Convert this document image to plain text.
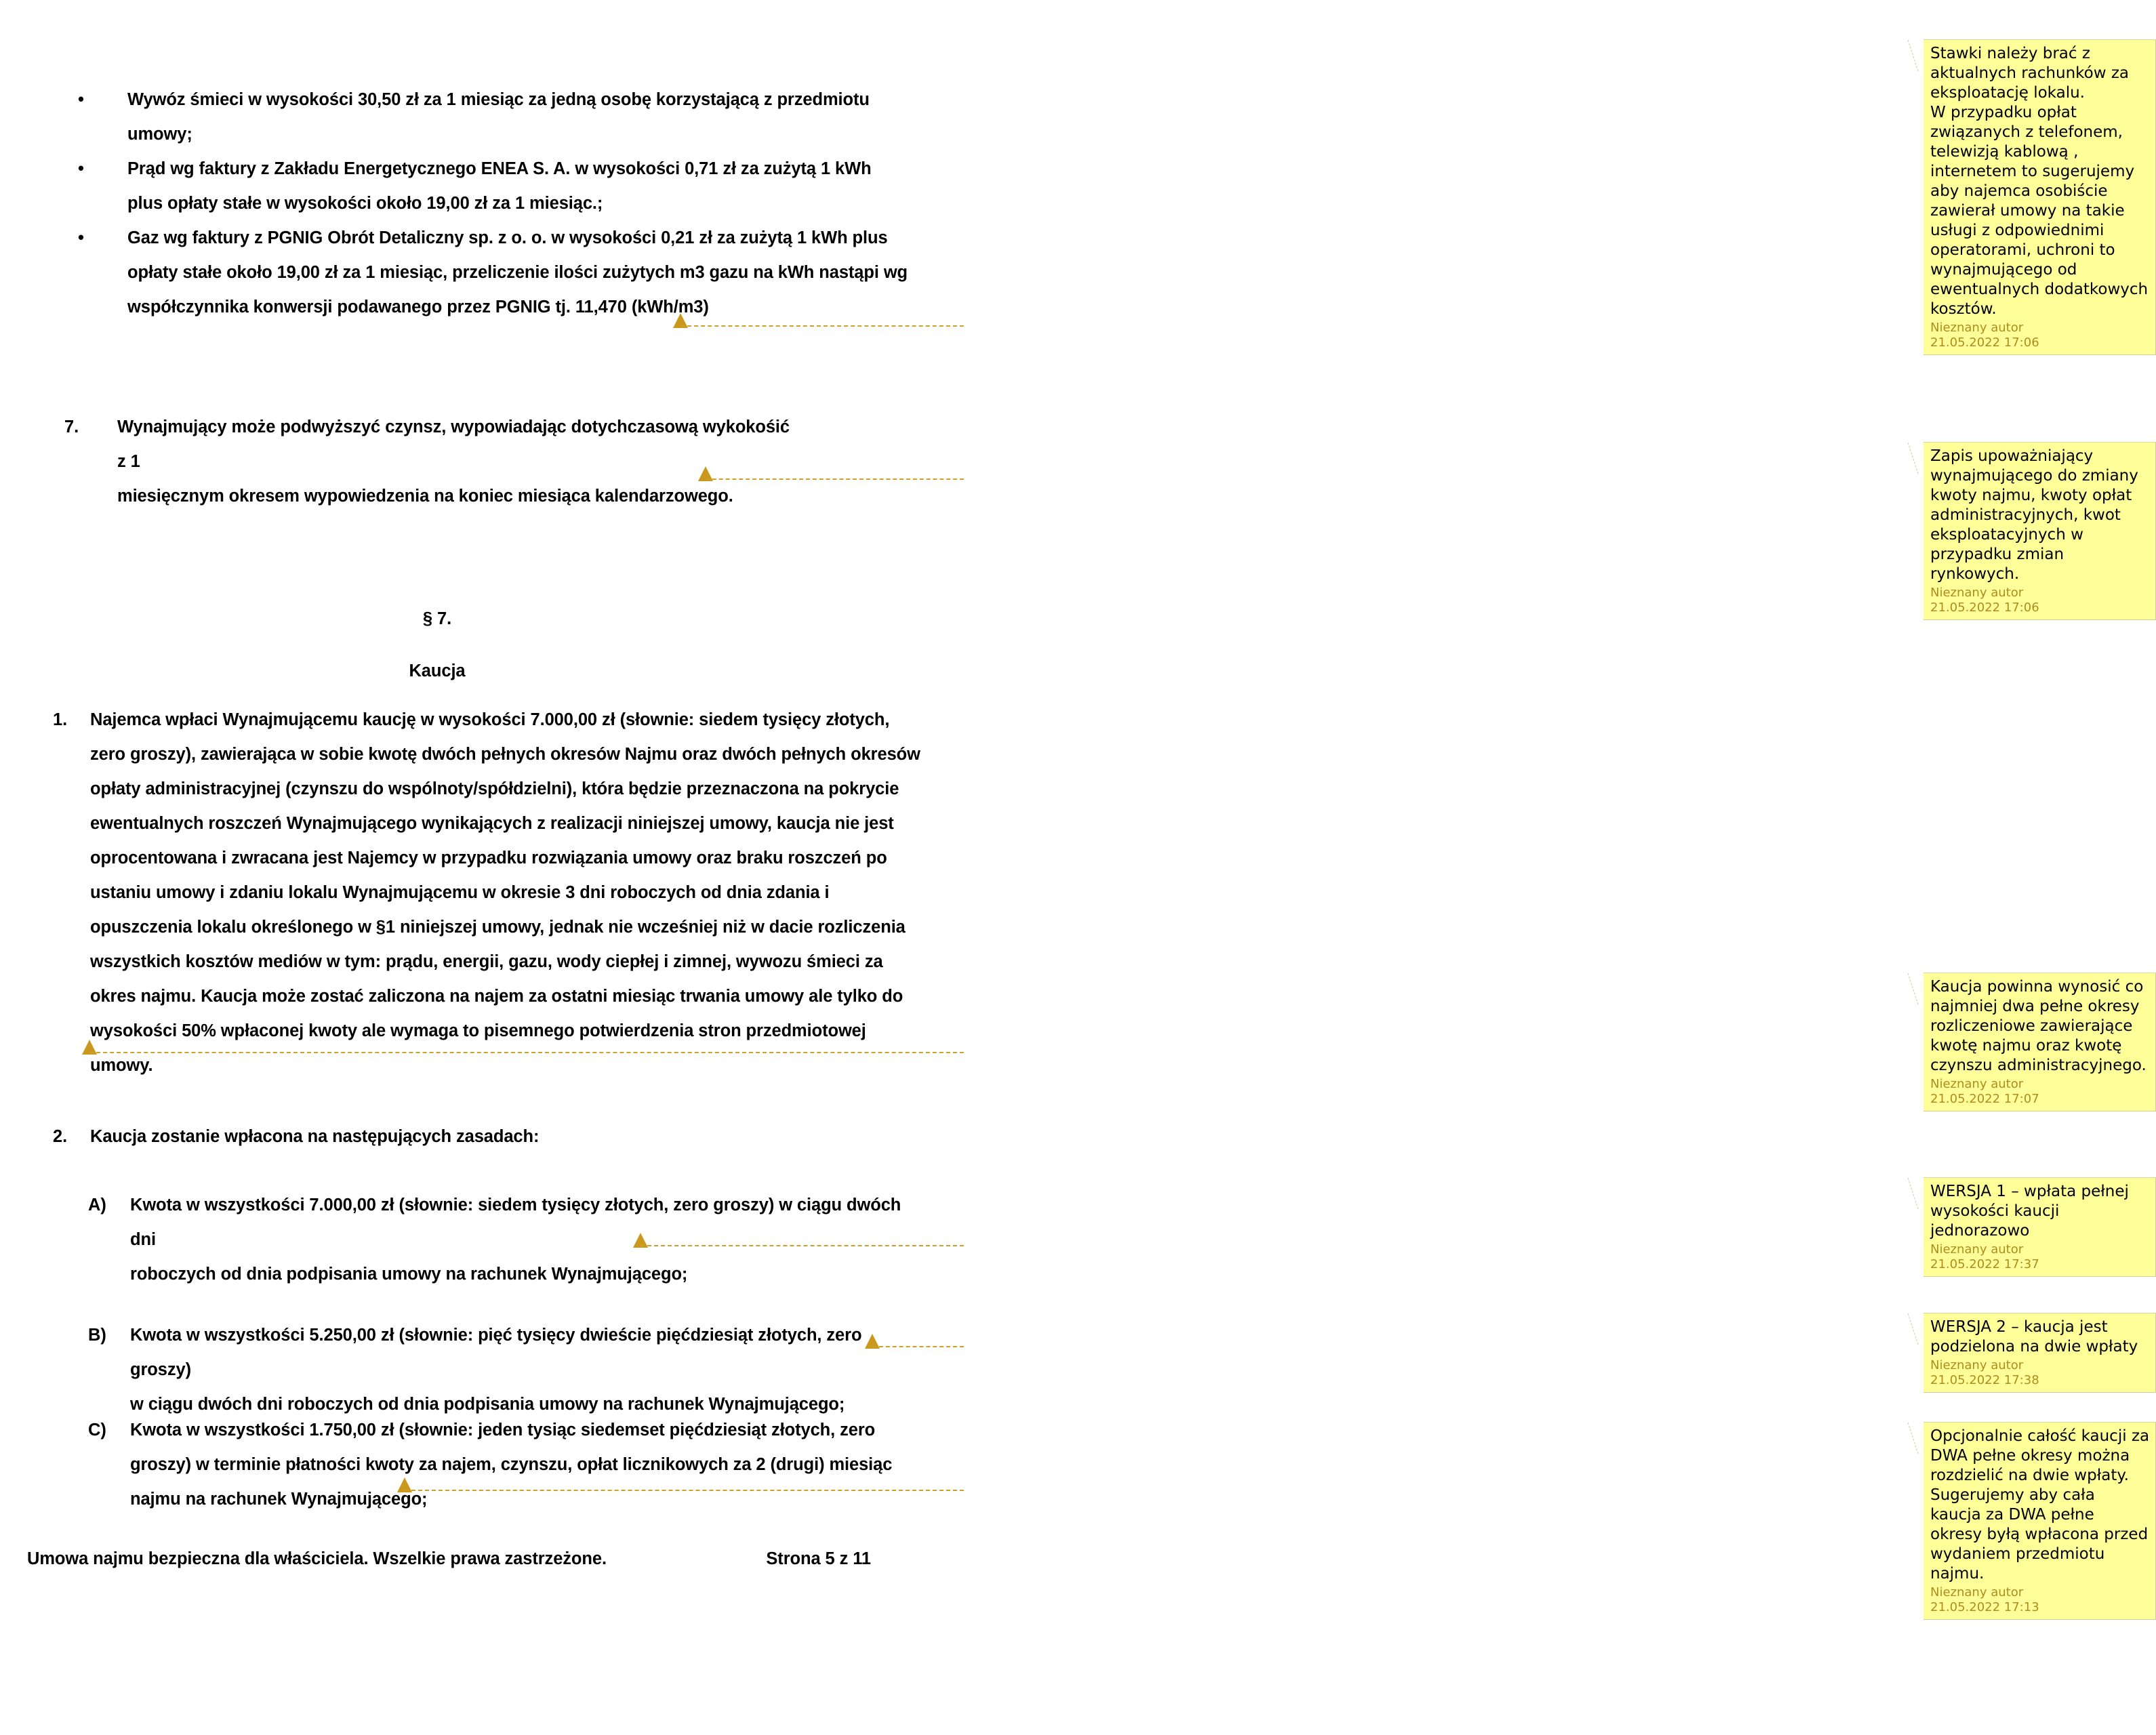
•	Wywóz śmieci w wysokości 30,50 zł za 1 miesiąc za jedną osobę korzystającą z przedmiotu
umowy;
•	Prąd wg faktury z Zakładu Energetycznego ENEA S. A. w wysokości 0,71 zł za zużytą 1 kWh
plus opłaty stałe w wysokości około 19,00 zł za 1 miesiąc.;
•	Gaz wg faktury z PGNIG Obrót Detaliczny sp. z o. o. w wysokości 0,21 zł za zużytą 1 kWh plus
opłaty stałe około 19,00 zł za 1 miesiąc, przeliczenie ilości zużytych m3 gazu na kWh nastąpi wg
współczynnika konwersji podawanego przez PGNIG tj. 11,470 (kWh/m3)
7.	Wynajmujący może podwyższyć czynsz, wypowiadając dotychczasową wykokośić z 1
miesięcznym okresem wypowiedzenia na koniec miesiąca kalendarzowego.
§ 7.
Kaucja
1.	Najemca wpłaci Wynajmującemu kaucję w wysokości 7.000,00 zł (słownie: siedem tysięcy złotych,
zero groszy), zawierająca w sobie kwotę dwóch pełnych okresów Najmu oraz dwóch pełnych okresów
opłaty administracyjnej (czynszu do wspólnoty/spółdzielni), która będzie przeznaczona na pokrycie
ewentualnych roszczeń Wynajmującego wynikających z realizacji niniejszej umowy, kaucja nie jest
oprocentowana i zwracana jest Najemcy w przypadku rozwiązania umowy oraz braku roszczeń po
ustaniu umowy i zdaniu lokalu Wynajmującemu w okresie 3 dni roboczych od dnia zdania i
opuszczenia lokalu określonego w §1 niniejszej umowy, jednak nie wcześniej niż w dacie rozliczenia
wszystkich kosztów mediów w tym: prądu, energii, gazu, wody ciepłej i zimnej, wywozu śmieci za
okres najmu. Kaucja może zostać zaliczona na najem za ostatni miesiąc trwania umowy ale tylko do
wysokości 50% wpłaconej kwoty ale wymaga to pisemnego potwierdzenia stron przedmiotowej
umowy.
2.	Kaucja zostanie wpłacona na następujących zasadach:
A)	Kwota w wszystkości 7.000,00 zł (słownie: siedem tysięcy złotych, zero groszy) w ciągu dwóch dni
roboczych od dnia podpisania umowy na rachunek Wynajmującego;
B)	Kwota w wszystkości 5.250,00 zł (słownie: pięć tysięcy dwieście pięćdziesiąt złotych, zero groszy)
w ciągu dwóch dni roboczych od dnia podpisania umowy na rachunek Wynajmującego;
C)	Kwota w wszystkości 1.750,00 zł (słownie: jeden tysiąc siedemset pięćdziesiąt złotych, zero
groszy) w terminie płatności kwoty za najem, czynszu, opłat licznikowych za 2 (drugi) miesiąc
najmu na rachunek Wynajmującego;
Umowa najmu bezpieczna dla właściciela. Wszelkie prawa zastrzeżone.	Strona 5 z 11
Stawki należy brać z aktualnych rachunków za eksploatację lokalu.
W przypadku opłat związanych z telefonem, telewizją kablową , internetem to sugerujemy aby najemca osobiście zawierał umowy na takie usługi z odpowiednimi operatorami, uchroni to wynajmującego od ewentualnych dodatkowych kosztów.
Nieznany autor
21.05.2022 17:06
Zapis upoważniający wynajmującego do zmiany kwoty najmu, kwoty opłat administracyjnych, kwot eksploatacyjnych w przypadku zmian rynkowych.
Nieznany autor
21.05.2022 17:06
Kaucja powinna wynosić co najmniej dwa pełne okresy rozliczeniowe zawierające kwotę najmu oraz kwotę czynszu administracyjnego.
Nieznany autor
21.05.2022 17:07
WERSJA 1 – wpłata pełnej wysokości kaucji jednorazowo
Nieznany autor
21.05.2022 17:37
WERSJA 2 – kaucja jest podzielona na dwie wpłaty

Nieznany autor
21.05.2022 17:38
Opcjonalnie całość kaucji za DWA pełne okresy można rozdzielić na dwie wpłaty. Sugerujemy aby cała kaucja za DWA pełne okresy byłą wpłacona przed wydaniem przedmiotu najmu.
Nieznany autor
21.05.2022 17:13
